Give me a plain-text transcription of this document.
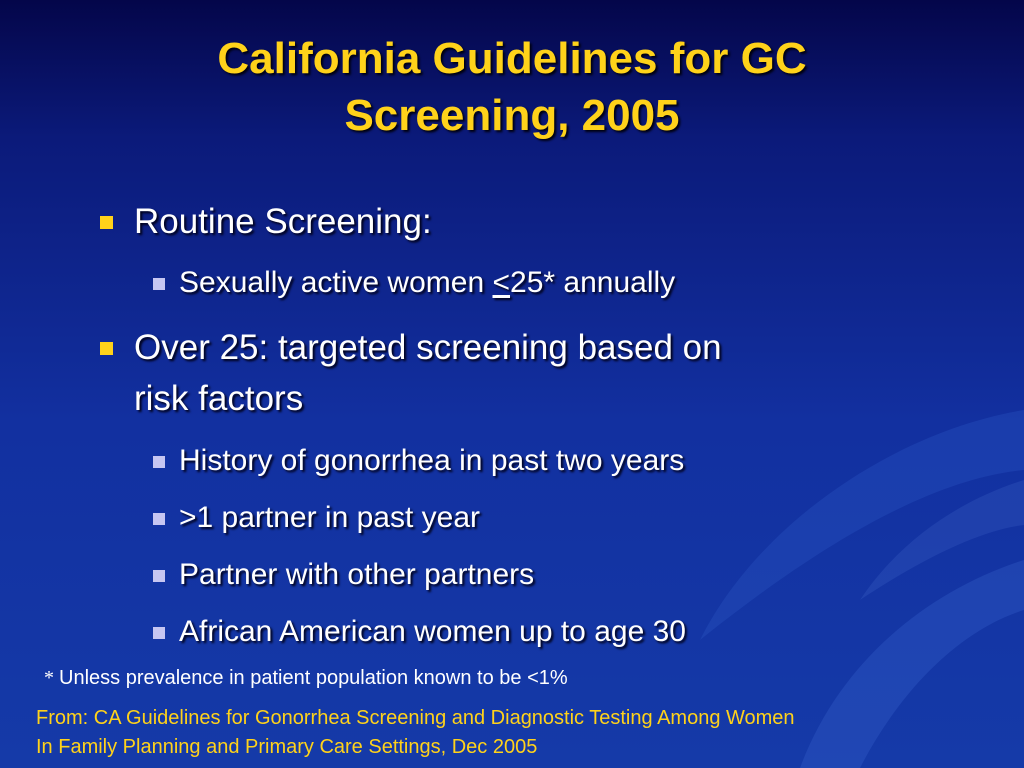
California Guidelines for GC
Screening, 2005
Routine Screening:
Sexually active women ≤25* annually
Over 25: targeted screening based on
risk factors
History of gonorrhea in past two years
>1 partner in past year
Partner with other partners
African American women up to age 30
* Unless prevalence in patient population known to be <1%
From: CA Guidelines for Gonorrhea Screening and Diagnostic Testing Among Women
In Family Planning and Primary Care Settings, Dec 2005
